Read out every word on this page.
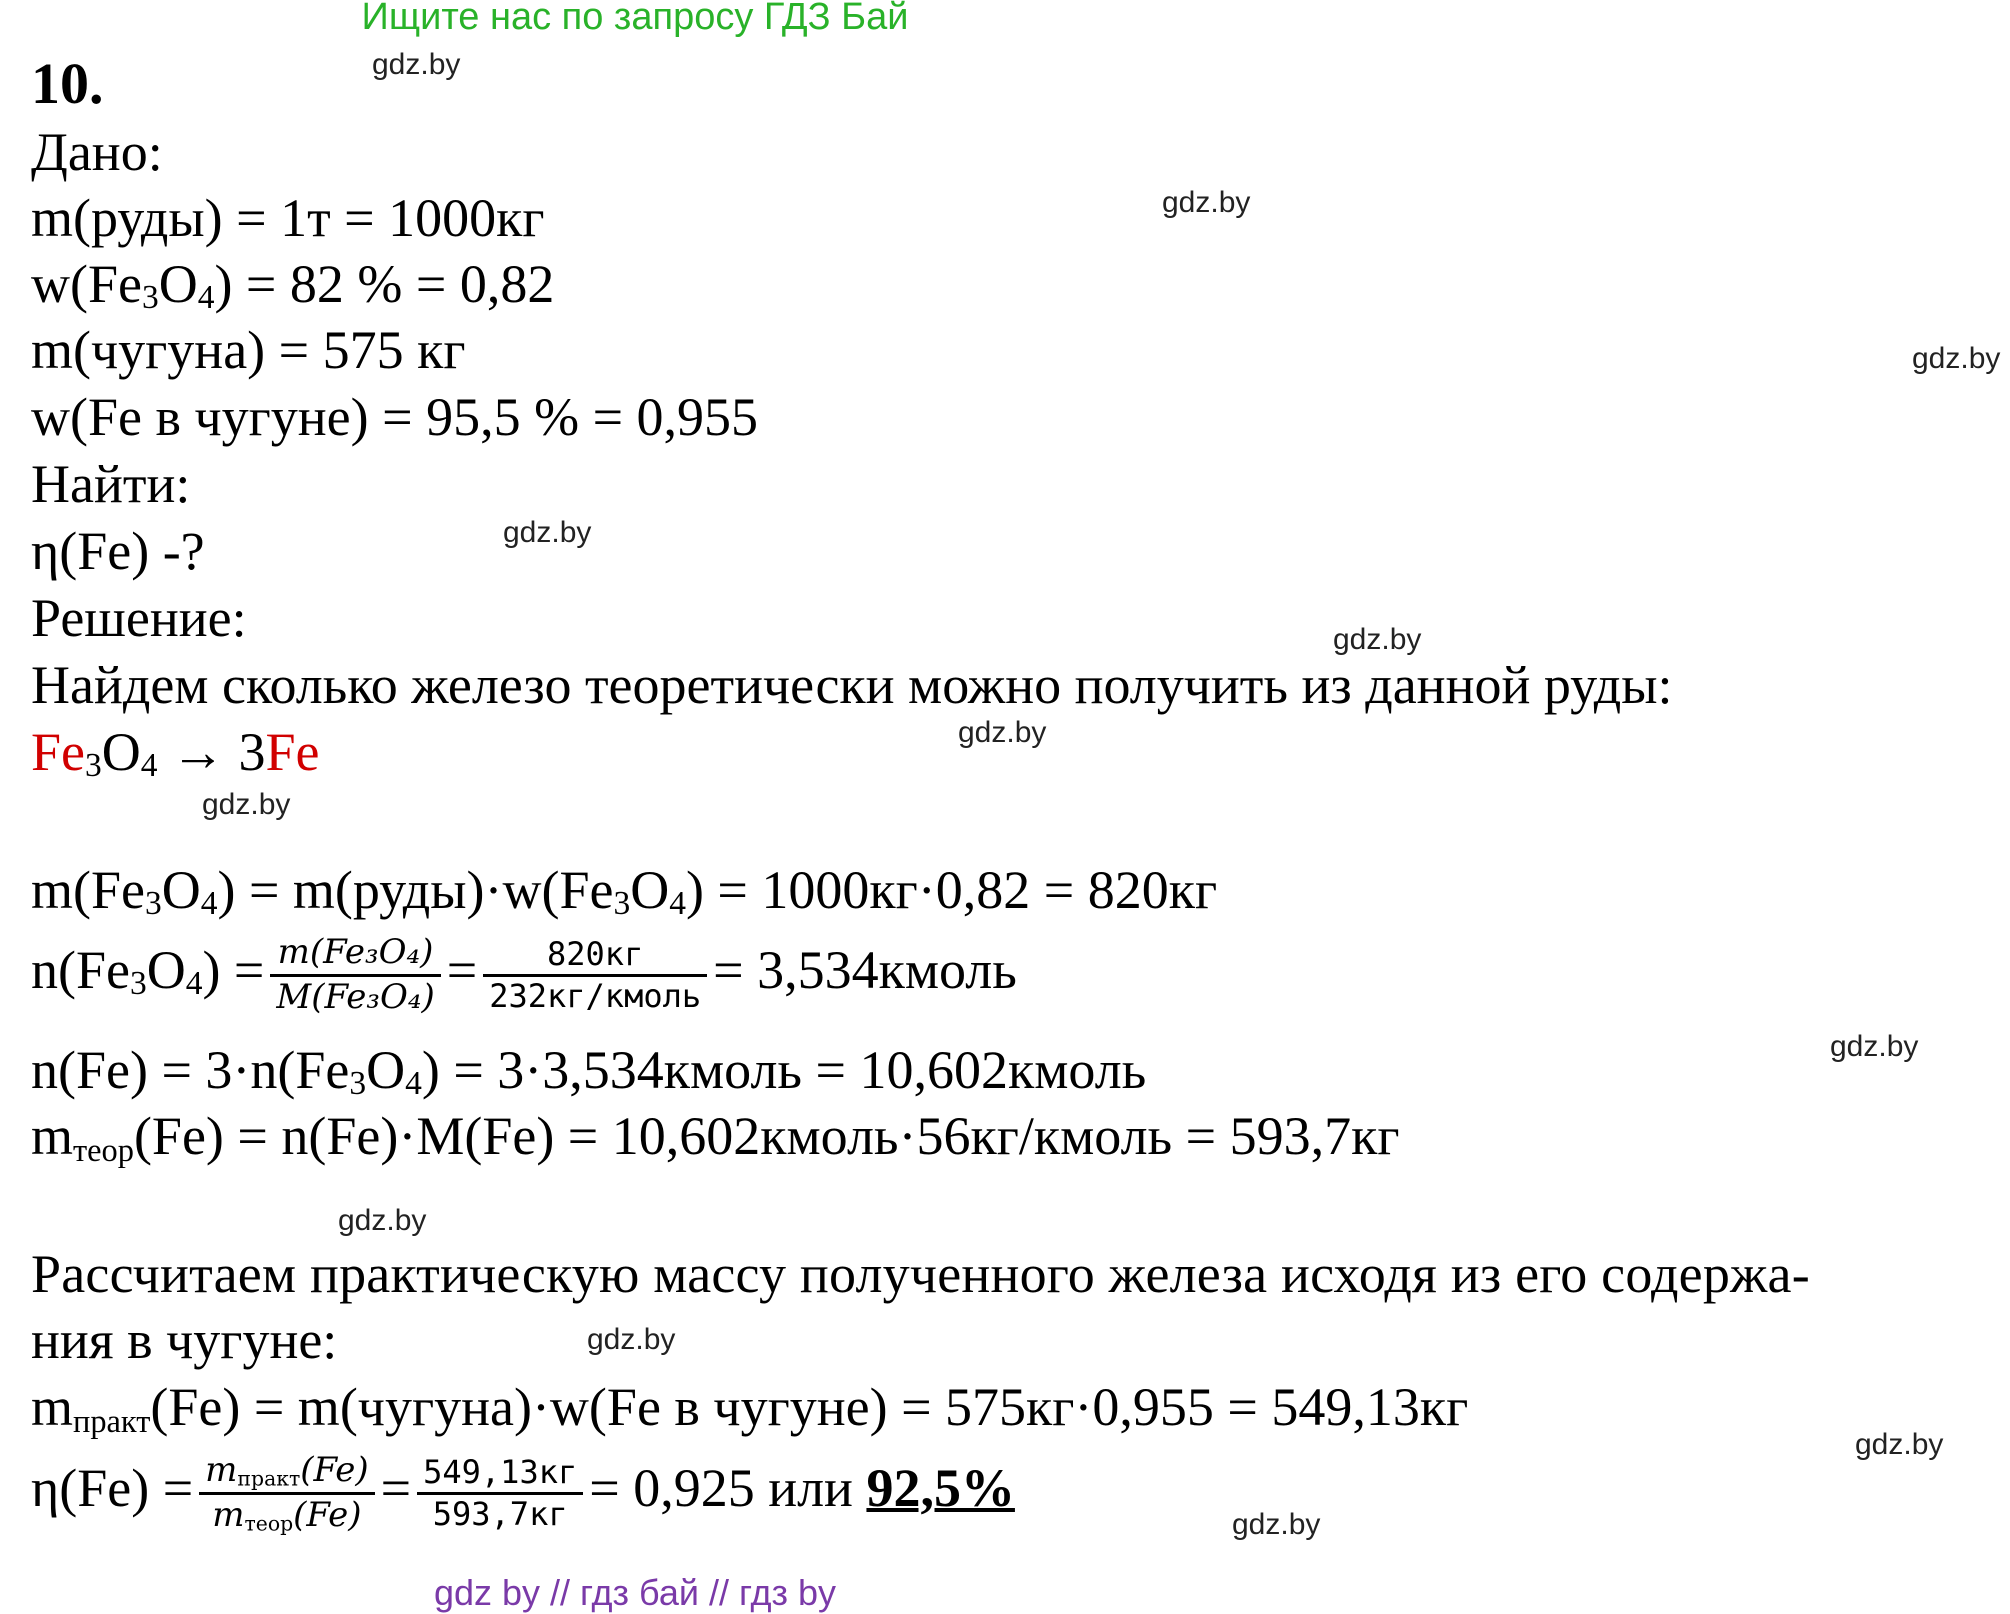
Ищите нас по запросу ГДЗ Бай
10.	gdz.by
gdz.by
gdz.by
gdz.by
gdz.by
gdz.by
gdz.by
gdz.by
gdz.by
gdz.by
gdz.by
gdz.by
Дано:
m(руды) = 1т = 1000кг
$w(Fe_3O_4) = 82$ % = 0,82
m(чугуна) = 575 кг
w(Fe в чугуне) = 95,5 % = 0,955
Найти:
η(Fe) -?
Решение:
Найдем сколько железо теоретически можно получить из данной руды:
$Fe_3O_4 \to 3Fe$
$m(Fe_3O_4)$ = $m(руды)\cdot w(Fe_3O_4) = 1000кг\cdot 0,82 = 820кг$
$n(Fe_3O_4) = \frac{\text{m(Fe₃O₄)}}{\text{M(Fe₃O₄)}} = \frac{820кг}{\text{232кг/кмоль}}$ = 3,534кмоль
$n(Fe) = 3\cdot n(Fe_3O_4)$ = 3·3,534кмоль = 10,602кмоль
$m_{теор}(Fe) = n(Fe)\cdot M(Fe)$ = 10,602кмоль·56кг/кмоль = 593,7кг
Рассчитаем практическую массу полученного железа исходя из его содержа-
ния в чугуне:
$m_{практ}(Fe)$ = m(чугуна)·w(Fe в чугуне) = 575кг·0,955 = 549,13кг
$\eta(Fe) = \frac{m_{практ}(Fe)}{m_{теор}(Fe)} = \frac{549,13кг}{593,7кг} = 0,925$ или 92,5%
gdz by // гдз бай // гдз by
